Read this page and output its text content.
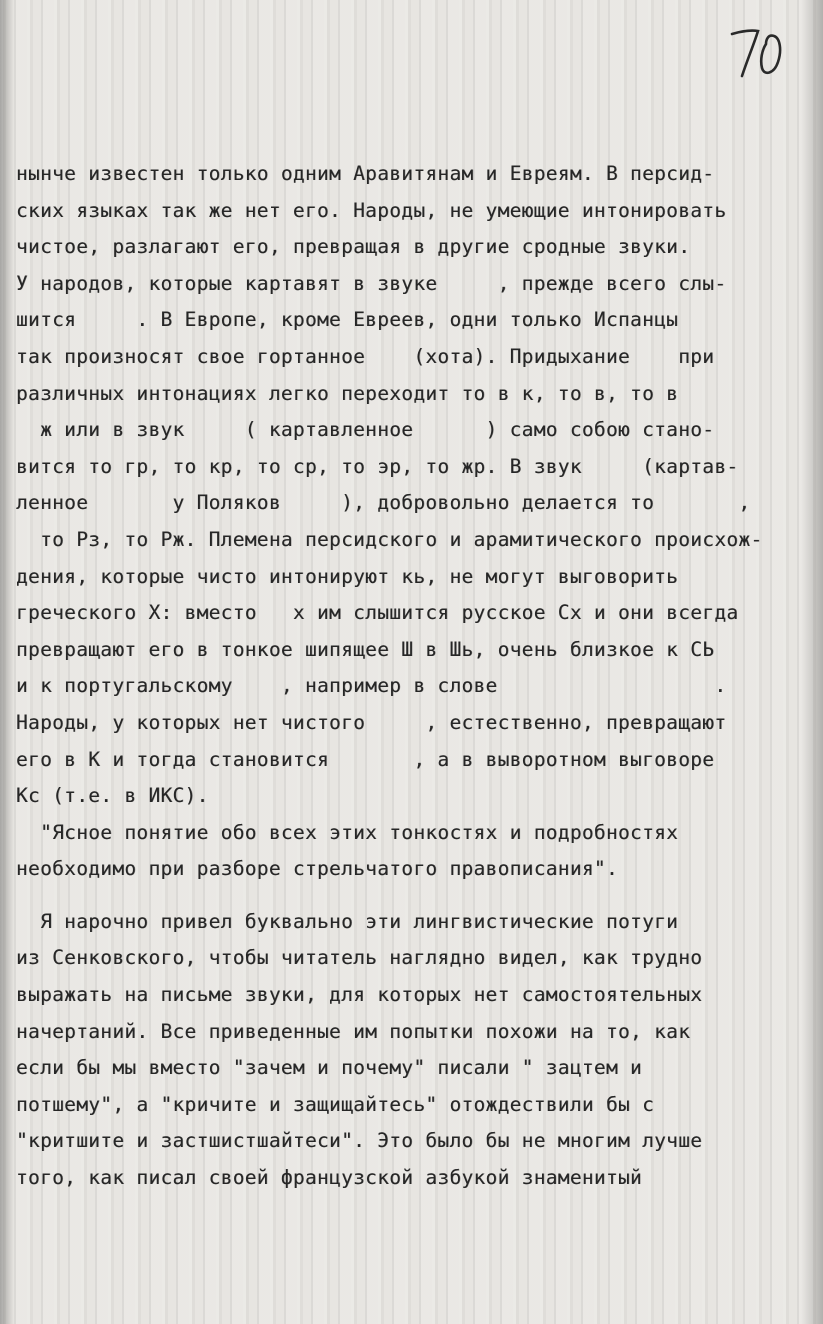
нынче известен только одним Аравитянам и Евреям. В персид-
ских языках так же нет его. Народы, не умеющие интонировать
чистое, разлагают его, превращая в другие сродные звуки.
У народов, которые картавят в звуке     , прежде всего слы-
шится     . В Европе, кроме Евреев, одни только Испанцы
так произносят свое гортанное    (хота). Придыхание    при
различных интонациях легко переходит то в к, то в, то в
ж или в звук     ( картавленное      ) само собою стано-
вится то гр, то кр, то ср, то эр, то жр. В звук     (картав-
ленное       у Поляков     ), добровольно делается то       ,
то Рз, то Рж. Племена персидского и арамитического происхож-
дения, которые чисто интонируют кь, не могут выговорить
греческого X: вместо   х им слышится русское Сх и они всегда
превращают его в тонкое шипящее Ш в Шь, очень близкое к СЬ
и к португальскому    , например в слове                  .
Народы, у которых нет чистого     , естественно, превращают
его в К и тогда становится       , а в выворотном выговоре
Кс (т.е. в ИКС).
"Ясное понятие обо всех этих тонкостях и подробностях
необходимо при разборе стрельчатого правописания".
Я нарочно привел буквально эти лингвистические потуги
из Сенковского, чтобы читатель наглядно видел, как трудно
выражать на письме звуки, для которых нет самостоятельных
начертаний. Все приведенные им попытки похожи на то, как
если бы мы вместо "зачем и почему" писали " зацтем и
потшему", а "кричите и защищайтесь" отождествили бы с
"критшите и застшистшайтеси". Это было бы не многим лучше
того, как писал своей французской азбукой знаменитый
